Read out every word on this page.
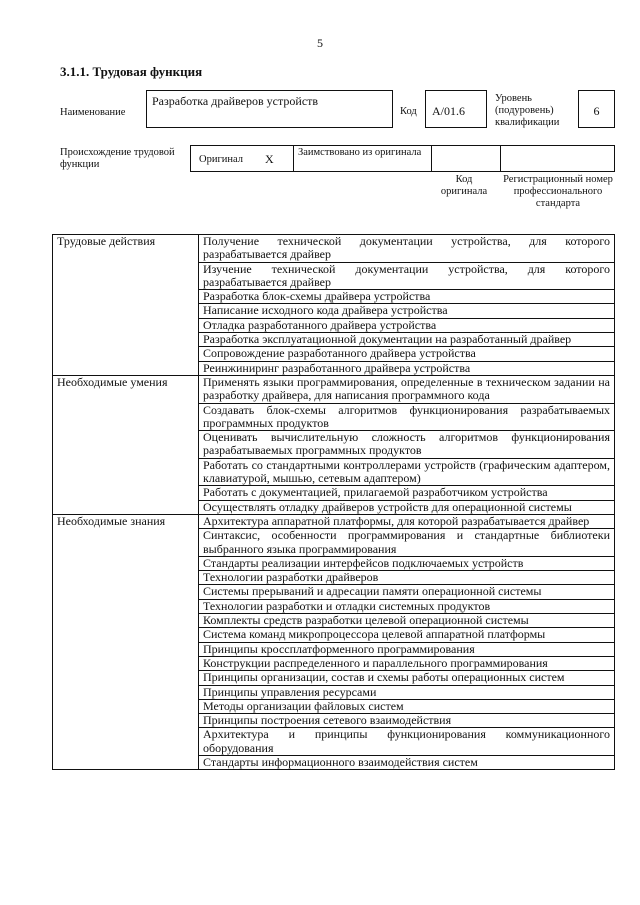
5
3.1.1. Трудовая функция
Наименование
Разработка драйверов устройств
Код	A/01.6
Уровень (подуровень) квалификации
6
Происхождение трудовой функции	Оригинал X Заимствовано из оригинала
Код оригинала
Регистрационный номер профессионального стандарта
Трудовые действия	Получение технической документации устройства, для которого разрабатывается драйвер
	Изучение технической документации устройства, для которого разрабатывается драйвер
	Разработка блок-схемы драйвера устройства
	Написание исходного кода драйвера устройства
	Отладка разработанного драйвера устройства
	Разработка эксплуатационной документации на разработанный драйвер
	Сопровождение разработанного драйвера устройства
	Реинжиниринг разработанного драйвера устройства
Необходимые умения	Применять языки программирования, определенные в техническом задании на разработку драйвера, для написания программного кода
	Создавать блок-схемы алгоритмов функционирования разрабатываемых программных продуктов
	Оценивать вычислительную сложность алгоритмов функционирования разрабатываемых программных продуктов
	Работать со стандартными контроллерами устройств (графическим адаптером, клавиатурой, мышью, сетевым адаптером)
	Работать с документацией, прилагаемой разработчиком устройства
	Осуществлять отладку драйверов устройств для операционной системы
Необходимые знания	Архитектура аппаратной платформы, для которой разрабатывается драйвер
	Синтаксис, особенности программирования и стандартные библиотеки выбранного языка программирования
	Стандарты реализации интерфейсов подключаемых устройств
	Технологии разработки драйверов
	Системы прерываний и адресации памяти операционной системы
	Технологии разработки и отладки системных продуктов
	Комплекты средств разработки целевой операционной системы
	Система команд микропроцессора целевой аппаратной платформы
	Принципы кроссплатформенного программирования
	Конструкции распределенного и параллельного программирования
	Принципы организации, состав и схемы работы операционных систем
	Принципы управления ресурсами
	Методы организации файловых систем
	Принципы построения сетевого взаимодействия
	Архитектура и принципы функционирования коммуникационного оборудования
	Стандарты информационного взаимодействия систем
